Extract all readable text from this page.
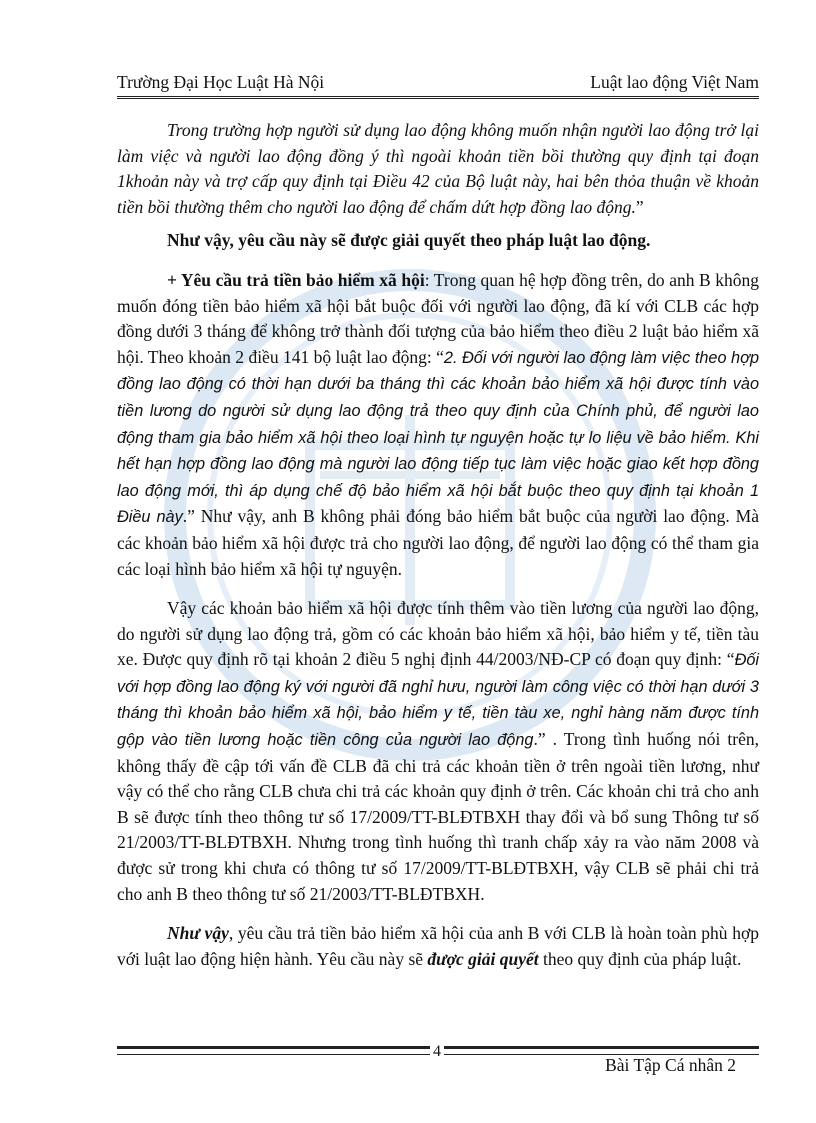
Trường Đại Học Luật Hà Nội	Luật lao động Việt Nam

Trong trường hợp người sử dụng lao động không muốn nhận người lao động trở lại làm việc và người lao động đồng ý thì ngoài khoản tiền bồi thường quy định tại đoạn 1khoản này và trợ cấp quy định tại Điều 42 của Bộ luật này, hai bên thỏa thuận về khoản tiền bồi thường thêm cho người lao động để chấm dứt hợp đồng lao động.”

Như vậy, yêu cầu này sẽ được giải quyết theo pháp luật lao động.

+ Yêu cầu trả tiền bảo hiểm xã hội: Trong quan hệ hợp đồng trên, do anh B không muốn đóng tiền bảo hiểm xã hội bắt buộc đối với người lao động, đã kí với CLB các hợp đồng dưới 3 tháng để không trở thành đối tượng của bảo hiểm theo điều 2 luật bảo hiểm xã hội. Theo khoản 2 điều 141 bộ luật lao động: “2. Đối với người lao động làm việc theo hợp đồng lao động có thời hạn dưới ba tháng thì các khoản bảo hiểm xã hội được tính vào tiền lương do người sử dụng lao động trả theo quy định của Chính phủ, để người lao động tham gia bảo hiểm xã hội theo loại hình tự nguyện hoặc tự lo liệu về bảo hiểm. Khi hết hạn hợp đồng lao động mà người lao động tiếp tục làm việc hoặc giao kết hợp đồng lao động mới, thì áp dụng chế độ bảo hiểm xã hội bắt buộc theo quy định tại khoản 1 Điều này.” Như vậy, anh B không phải đóng bảo hiểm bắt buộc của người lao động. Mà các khoản bảo hiểm xã hội được trả cho người lao động, để người lao động có thể tham gia các loại hình bảo hiểm xã hội tự nguyện.

Vậy các khoản bảo hiểm xã hội được tính thêm vào tiền lương của người lao động, do người sử dụng lao động trả, gồm có các khoản bảo hiểm xã hội, bảo hiểm y tế, tiền tàu xe. Được quy định rõ tại khoản 2 điều 5 nghị định 44/2003/NĐ-CP có đoạn quy định: “Đối với hợp đồng lao động ký với người đã nghỉ hưu, người làm công việc có thời hạn dưới 3 tháng thì khoản bảo hiểm xã hội, bảo hiểm y tế, tiền tàu xe, nghỉ hàng năm được tính gộp vào tiền lương hoặc tiền công của người lao động.” . Trong tình huống nói trên, không thấy đề cập tới vấn đề CLB đã chi trả các khoản tiền ở trên ngoài tiền lương, như vậy có thể cho rằng CLB chưa chi trả các khoản quy định ở trên. Các khoản chi trả cho anh B sẽ được tính theo thông tư số 17/2009/TT-BLĐTBXH thay đổi và bổ sung Thông tư số 21/2003/TT-BLĐTBXH. Nhưng trong tình huống thì tranh chấp xảy ra vào năm 2008 và được sử trong khi chưa có thông tư số 17/2009/TT-BLĐTBXH, vậy CLB sẽ phải chi trả cho anh B theo thông tư số 21/2003/TT-BLĐTBXH.

Như vậy, yêu cầu trả tiền bảo hiểm xã hội của anh B với CLB là hoàn toàn phù hợp với luật lao động hiện hành. Yêu cầu này sẽ được giải quyết theo quy định của pháp luật.

4
Bài Tập Cá nhân 2
